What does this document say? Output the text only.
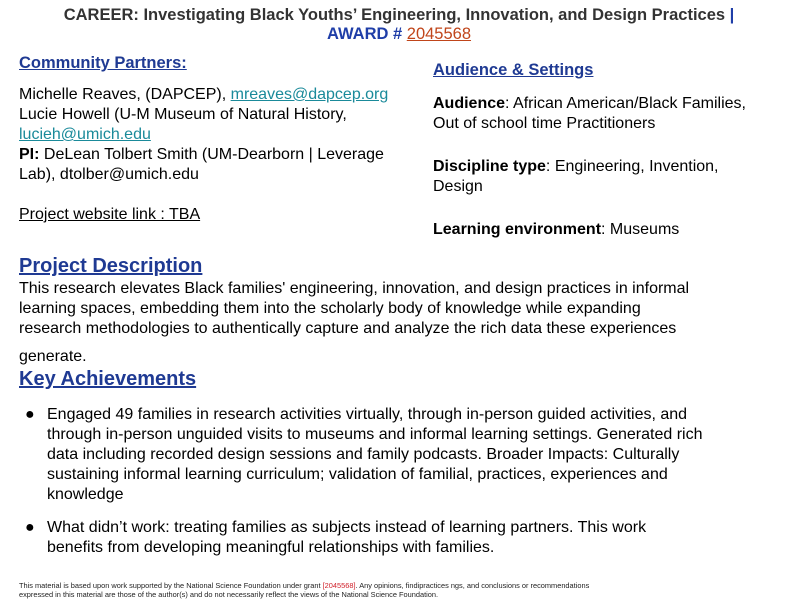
CAREER: Investigating Black Youths’ Engineering, Innovation, and Design Practices |
AWARD # 2045568
Community Partners:
Michelle Reaves, (DAPCEP), mreaves@dapcep.org
Lucie Howell (U-M Museum of Natural History,
lucieh@umich.edu
PI: DeLean Tolbert Smith (UM-Dearborn | Leverage
Lab), dtolber@umich.edu
Project website link : TBA
Audience & Settings
Audience: African American/Black Families,
Out of school time Practitioners
Discipline type: Engineering, Invention,
Design
Learning environment: Museums
Project Description
This research elevates Black families' engineering, innovation, and design practices in informal
learning spaces, embedding them into the scholarly body of knowledge while expanding
research methodologies to authentically capture and analyze the rich data these experiences
generate.
Key Achievements
● Engaged 49 families in research activities virtually, through in-person guided activities, and
through in-person unguided visits to museums and informal learning settings. Generated rich
data including recorded design sessions and family podcasts. Broader Impacts: Culturally
sustaining informal learning curriculum; validation of familial, practices, experiences and
knowledge
● What didn’t work: treating families as subjects instead of learning partners. This work
benefits from developing meaningful relationships with families.
This material is based upon work supported by the National Science Foundation under grant [2045568]. Any opinions, findipractices ngs, and conclusions or recommendations
expressed in this material are those of the author(s) and do not necessarily reflect the views of the National Science Foundation.
